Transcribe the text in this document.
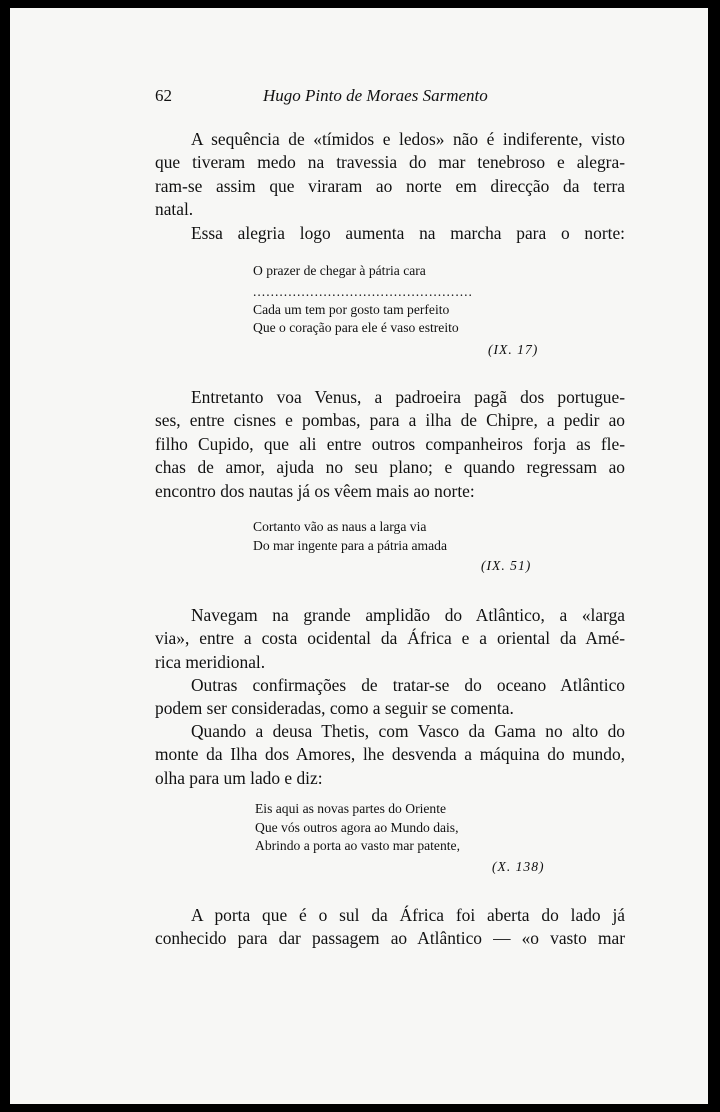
62	Hugo Pinto de Moraes Sarmento
A sequência de «tímidos e ledos» não é indiferente, visto
que tiveram medo na travessia do mar tenebroso e alegra-
ram-se assim que viraram ao norte em direcção da terra
natal.
Essa alegria logo aumenta na marcha para o norte:
O prazer de chegar à pátria cara
..................................................
Cada um tem por gosto tam perfeito
Que o coração para ele é vaso estreito
(IX. 17)
Entretanto voa Venus, a padroeira pagã dos portugue-
ses, entre cisnes e pombas, para a ilha de Chipre, a pedir ao
filho Cupido, que ali entre outros companheiros forja as fle-
chas de amor, ajuda no seu plano; e quando regressam ao
encontro dos nautas já os vêem mais ao norte:
Cortanto vão as naus a larga via
Do mar ingente para a pátria amada
(IX. 51)
Navegam na grande amplidão do Atlântico, a «larga
via», entre a costa ocidental da África e a oriental da Amé-
rica meridional.
Outras confirmações de tratar-se do oceano Atlântico
podem ser consideradas, como a seguir se comenta.
Quando a deusa Thetis, com Vasco da Gama no alto do
monte da Ilha dos Amores, lhe desvenda a máquina do mundo,
olha para um lado e diz:
Eis aqui as novas partes do Oriente
Que vós outros agora ao Mundo dais,
Abrindo a porta ao vasto mar patente,
(X. 138)
A porta que é o sul da África foi aberta do lado já
conhecido para dar passagem ao Atlântico — «o vasto mar
